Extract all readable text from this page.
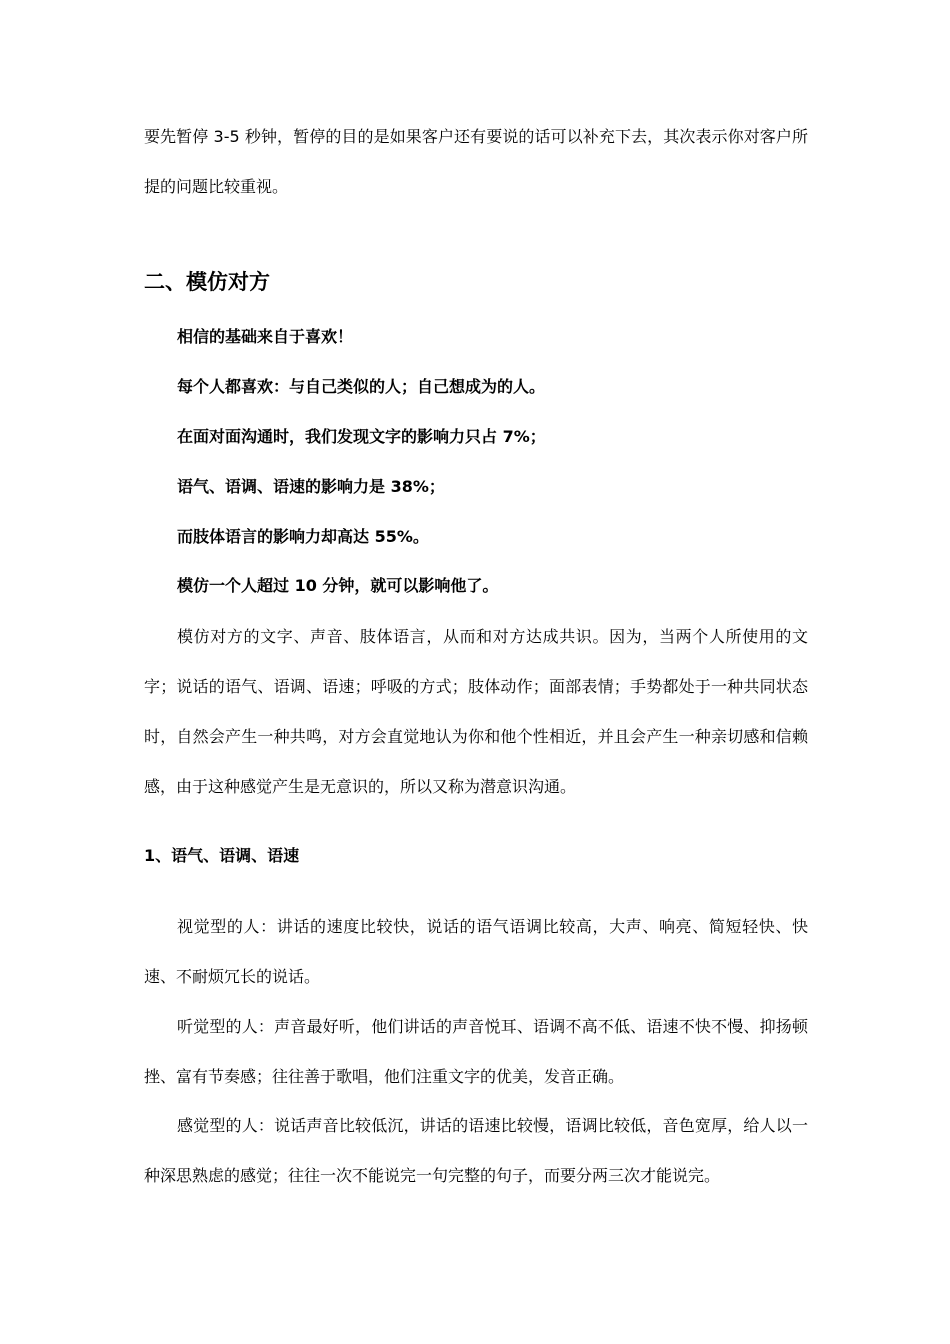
要先暂停 3-5 秒钟，暂停的目的是如果客户还有要说的话可以补充下去，其次表示你对客户所提的问题比较重视。

二、模仿对方

相信的基础来自于喜欢！

每个人都喜欢：与自己类似的人；自己想成为的人。

在面对面沟通时，我们发现文字的影响力只占 7%；

语气、语调、语速的影响力是 38%；

而肢体语言的影响力却高达 55%。

模仿一个人超过 10 分钟，就可以影响他了。

模仿对方的文字、声音、肢体语言，从而和对方达成共识。因为，当两个人所使用的文字；说话的语气、语调、语速；呼吸的方式；肢体动作；面部表情；手势都处于一种共同状态时，自然会产生一种共鸣，对方会直觉地认为你和他个性相近，并且会产生一种亲切感和信赖感，由于这种感觉产生是无意识的，所以又称为潜意识沟通。

1、语气、语调、语速

视觉型的人：讲话的速度比较快，说话的语气语调比较高，大声、响亮、简短轻快、快速、不耐烦冗长的说话。

听觉型的人：声音最好听，他们讲话的声音悦耳、语调不高不低、语速不快不慢、抑扬顿挫、富有节奏感；往往善于歌唱，他们注重文字的优美，发音正确。

感觉型的人：说话声音比较低沉，讲话的语速比较慢，语调比较低，音色宽厚，给人以一种深思熟虑的感觉；往往一次不能说完一句完整的句子，而要分两三次才能说完。
